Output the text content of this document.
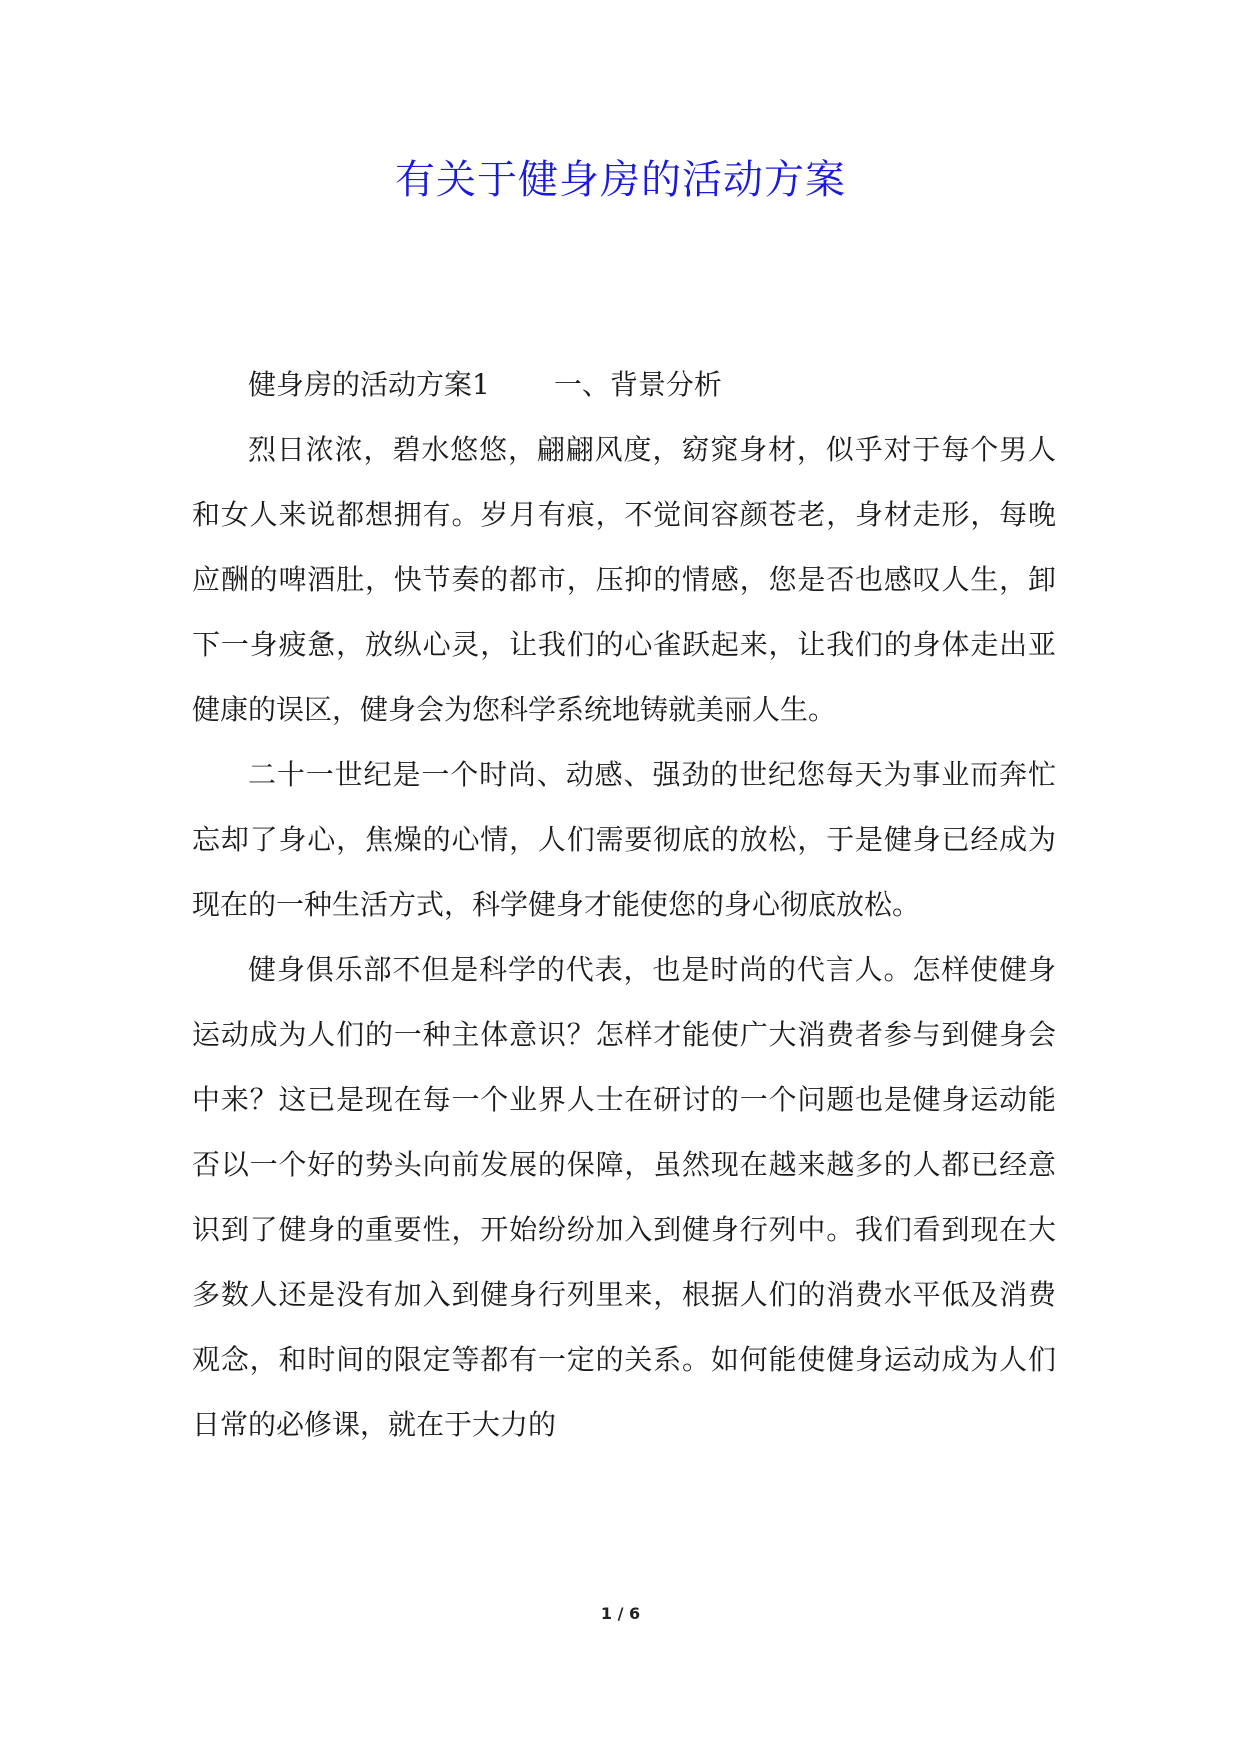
有关于健身房的活动方案

健身房的活动方案1 一、背景分析

烈日浓浓，碧水悠悠，翩翩风度，窈窕身材，似乎对于每个男人和女人来说都想拥有。岁月有痕，不觉间容颜苍老，身材走形，每晚应酬的啤酒肚，快节奏的都市，压抑的情感，您是否也感叹人生，卸下一身疲惫，放纵心灵，让我们的心雀跃起来，让我们的身体走出亚健康的误区，健身会为您科学系统地铸就美丽人生。

二十一世纪是一个时尚、动感、强劲的世纪您每天为事业而奔忙忘却了身心，焦燥的心情，人们需要彻底的放松，于是健身已经成为现在的一种生活方式，科学健身才能使您的身心彻底放松。

健身俱乐部不但是科学的代表，也是时尚的代言人。怎样使健身运动成为人们的一种主体意识？怎样才能使广大消费者参与到健身会中来？这已是现在每一个业界人士在研讨的一个问题也是健身运动能否以一个好的势头向前发展的保障，虽然现在越来越多的人都已经意识到了健身的重要性，开始纷纷加入到健身行列中。我们看到现在大多数人还是没有加入到健身行列里来，根据人们的消费水平低及消费观念，和时间的限定等都有一定的关系。如何能使健身运动成为人们日常的必修课，就在于大力的

1 / 6
